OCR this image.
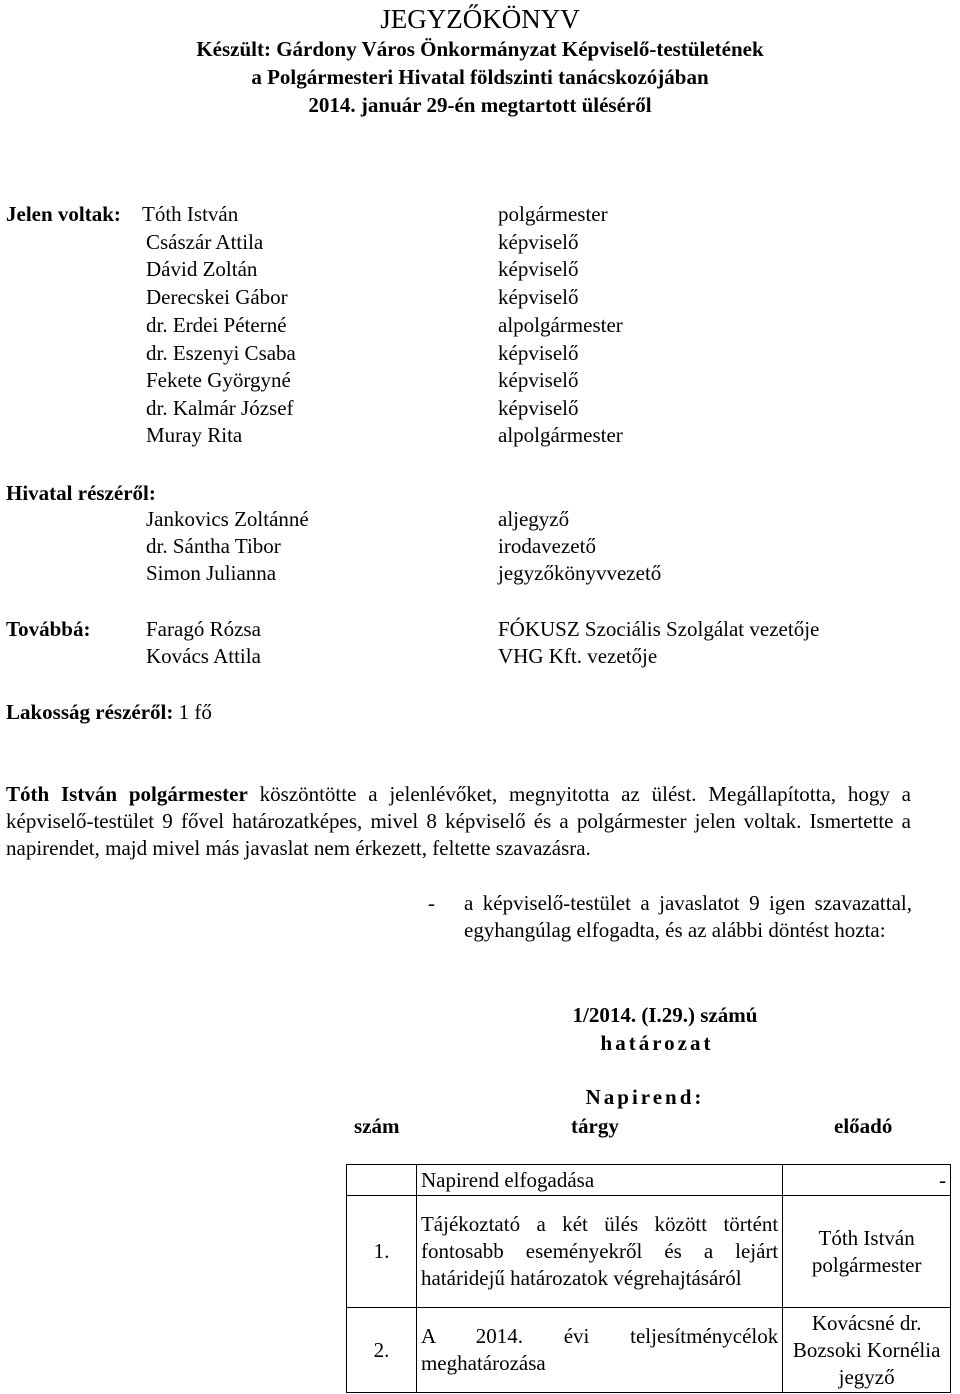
JEGYZŐKÖNYV
Készült: Gárdony Város Önkormányzat Képviselő-testületének
a Polgármesteri Hivatal földszinti tanácskozójában
2014. január 29-én megtartott üléséről
Jelen voltak: Tóth István	polgármester
Császár Attila	képviselő
Dávid Zoltán	képviselő
Derecskei Gábor	képviselő
dr. Erdei Péterné	alpolgármester
dr. Eszenyi Csaba	képviselő
Fekete Györgyné	képviselő
dr. Kalmár József	képviselő
Muray Rita	alpolgármester
Hivatal részéről:
Jankovics Zoltánné	aljegyző
dr. Sántha Tibor	irodavezető
Simon Julianna	jegyzőkönyvvezető
Továbbá:	Faragó Rózsa	FÓKUSZ Szociális Szolgálat vezetője
Kovács Attila	VHG Kft. vezetője
Lakosság részéről: 1 fő
Tóth István polgármester köszöntötte a jelenlévőket, megnyitotta az ülést. Megállapította, hogy a képviselő-testület 9 fővel határozatképes, mivel 8 képviselő és a polgármester jelen voltak. Ismertette a napirendet, majd mivel más javaslat nem érkezett, feltette szavazásra.
- a képviselő-testület a javaslatot 9 igen szavazattal, egyhangúlag elfogadta, és az alábbi döntést hozta:
1/2014. (I.29.) számú
határozat
Napirend:
szám	tárgy	előadó
	Napirend elfogadása	-
1.	Tájékoztató a két ülés között történt fontosabb eseményekről és a lejárt határidejű határozatok végrehajtásáról	Tóth István polgármester
2.	A 2014. évi teljesítménycélok meghatározása	Kovácsné dr. Bozsoki Kornélia jegyző
